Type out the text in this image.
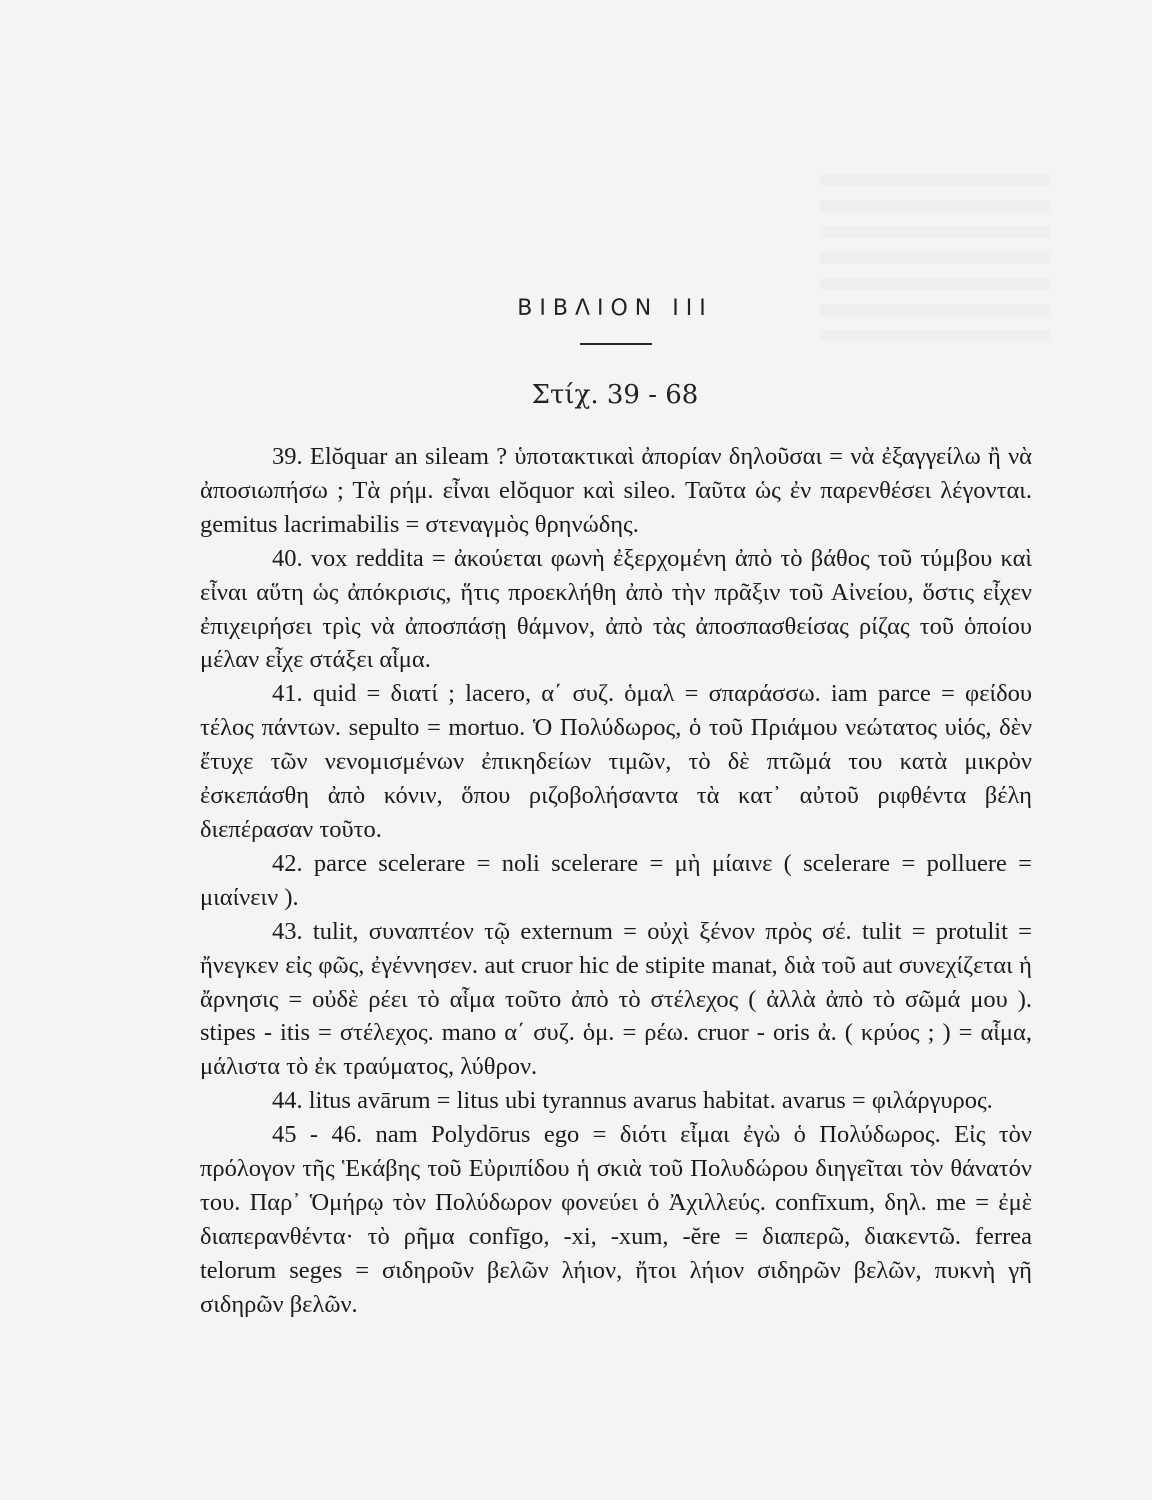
ΒΙΒΛΙΟΝ III
Στίχ. 39 - 68

39. Elŏquar an sileam ? ὑποτακτικαὶ ἀπορίαν δηλοῦσαι = νὰ ἐξαγγείλω ἢ νὰ ἀποσιωπήσω ; Τὰ ρήμ. εἶναι elŏquor καὶ sileo. Ταῦτα ὡς ἐν παρενθέσει λέγονται. gemitus lacrimabilis = στεναγμὸς θρηνώδης.

40. vox reddita = ἀκούεται φωνὴ ἐξερχομένη ἀπὸ τὸ βάθος τοῦ τύμβου καὶ εἶναι αὕτη ὡς ἀπόκρισις, ἥτις προεκλήθη ἀπὸ τὴν πρᾶξιν τοῦ Αἰνείου, ὅστις εἶχεν ἐπιχειρήσει τρὶς νὰ ἀποσπάσῃ θάμνον, ἀπὸ τὰς ἀποσπασθείσας ρίζας τοῦ ὁποίου μέλαν εἶχε στάξει αἷμα.

41. quid = διατί ; lacero, α΄ συζ. ὁμαλ = σπαράσσω. iam parce = φείδου τέλος πάντων. sepulto = mortuo. Ὁ Πολύδωρος, ὁ τοῦ Πριάμου νεώτατος υἱός, δὲν ἔτυχε τῶν νενομισμένων ἐπικηδείων τιμῶν, τὸ δὲ πτῶμά του κατὰ μικρὸν ἐσκεπάσθη ἀπὸ κόνιν, ὅπου ριζοβολήσαντα τὰ κατ᾽ αὐτοῦ ριφθέντα βέλη διεπέρασαν τοῦτο.

42. parce scelerare = noli scelerare = μὴ μίαινε ( scelerare = polluere = μιαίνειν ).

43. tulit, συναπτέον τῷ externum = οὐχὶ ξένον πρὸς σέ. tulit = protulit = ἤνεγκεν εἰς φῶς, ἐγέννησεν. aut cruor hic de stipite manat, διὰ τοῦ aut συνεχίζεται ἡ ἄρνησις = οὐδὲ ρέει τὸ αἷμα τοῦτο ἀπὸ τὸ στέλεχος ( ἀλλὰ ἀπὸ τὸ σῶμά μου ). stipes - itis = στέλεχος. mano α΄ συζ. ὁμ. = ρέω. cruor - oris ἀ. ( κρύος ; ) = αἷμα, μάλιστα τὸ ἐκ τραύματος, λύθρον.

44. litus avārum = litus ubi tyrannus avarus habitat. avarus = φιλάργυρος.

45 - 46. nam Polydōrus ego = διότι εἶμαι ἐγὼ ὁ Πολύδωρος. Εἰς τὸν πρόλογον τῆς Ἑκάβης τοῦ Εὐριπίδου ἡ σκιὰ τοῦ Πολυδώρου διηγεῖται τὸν θάνατόν του. Παρ᾽ Ὁμήρῳ τὸν Πολύδωρον φονεύει ὁ Ἀχιλλεύς. confīxum, δηλ. me = ἐμὲ διαπερανθέντα· τὸ ρῆμα confīgo, -xi, -xum, -ĕre = διαπερῶ, διακεντῶ. ferrea telorum seges = σιδηροῦν βελῶν λήιον, ἤτοι λήιον σιδηρῶν βελῶν, πυκνὴ γῆ σιδηρῶν βελῶν.
